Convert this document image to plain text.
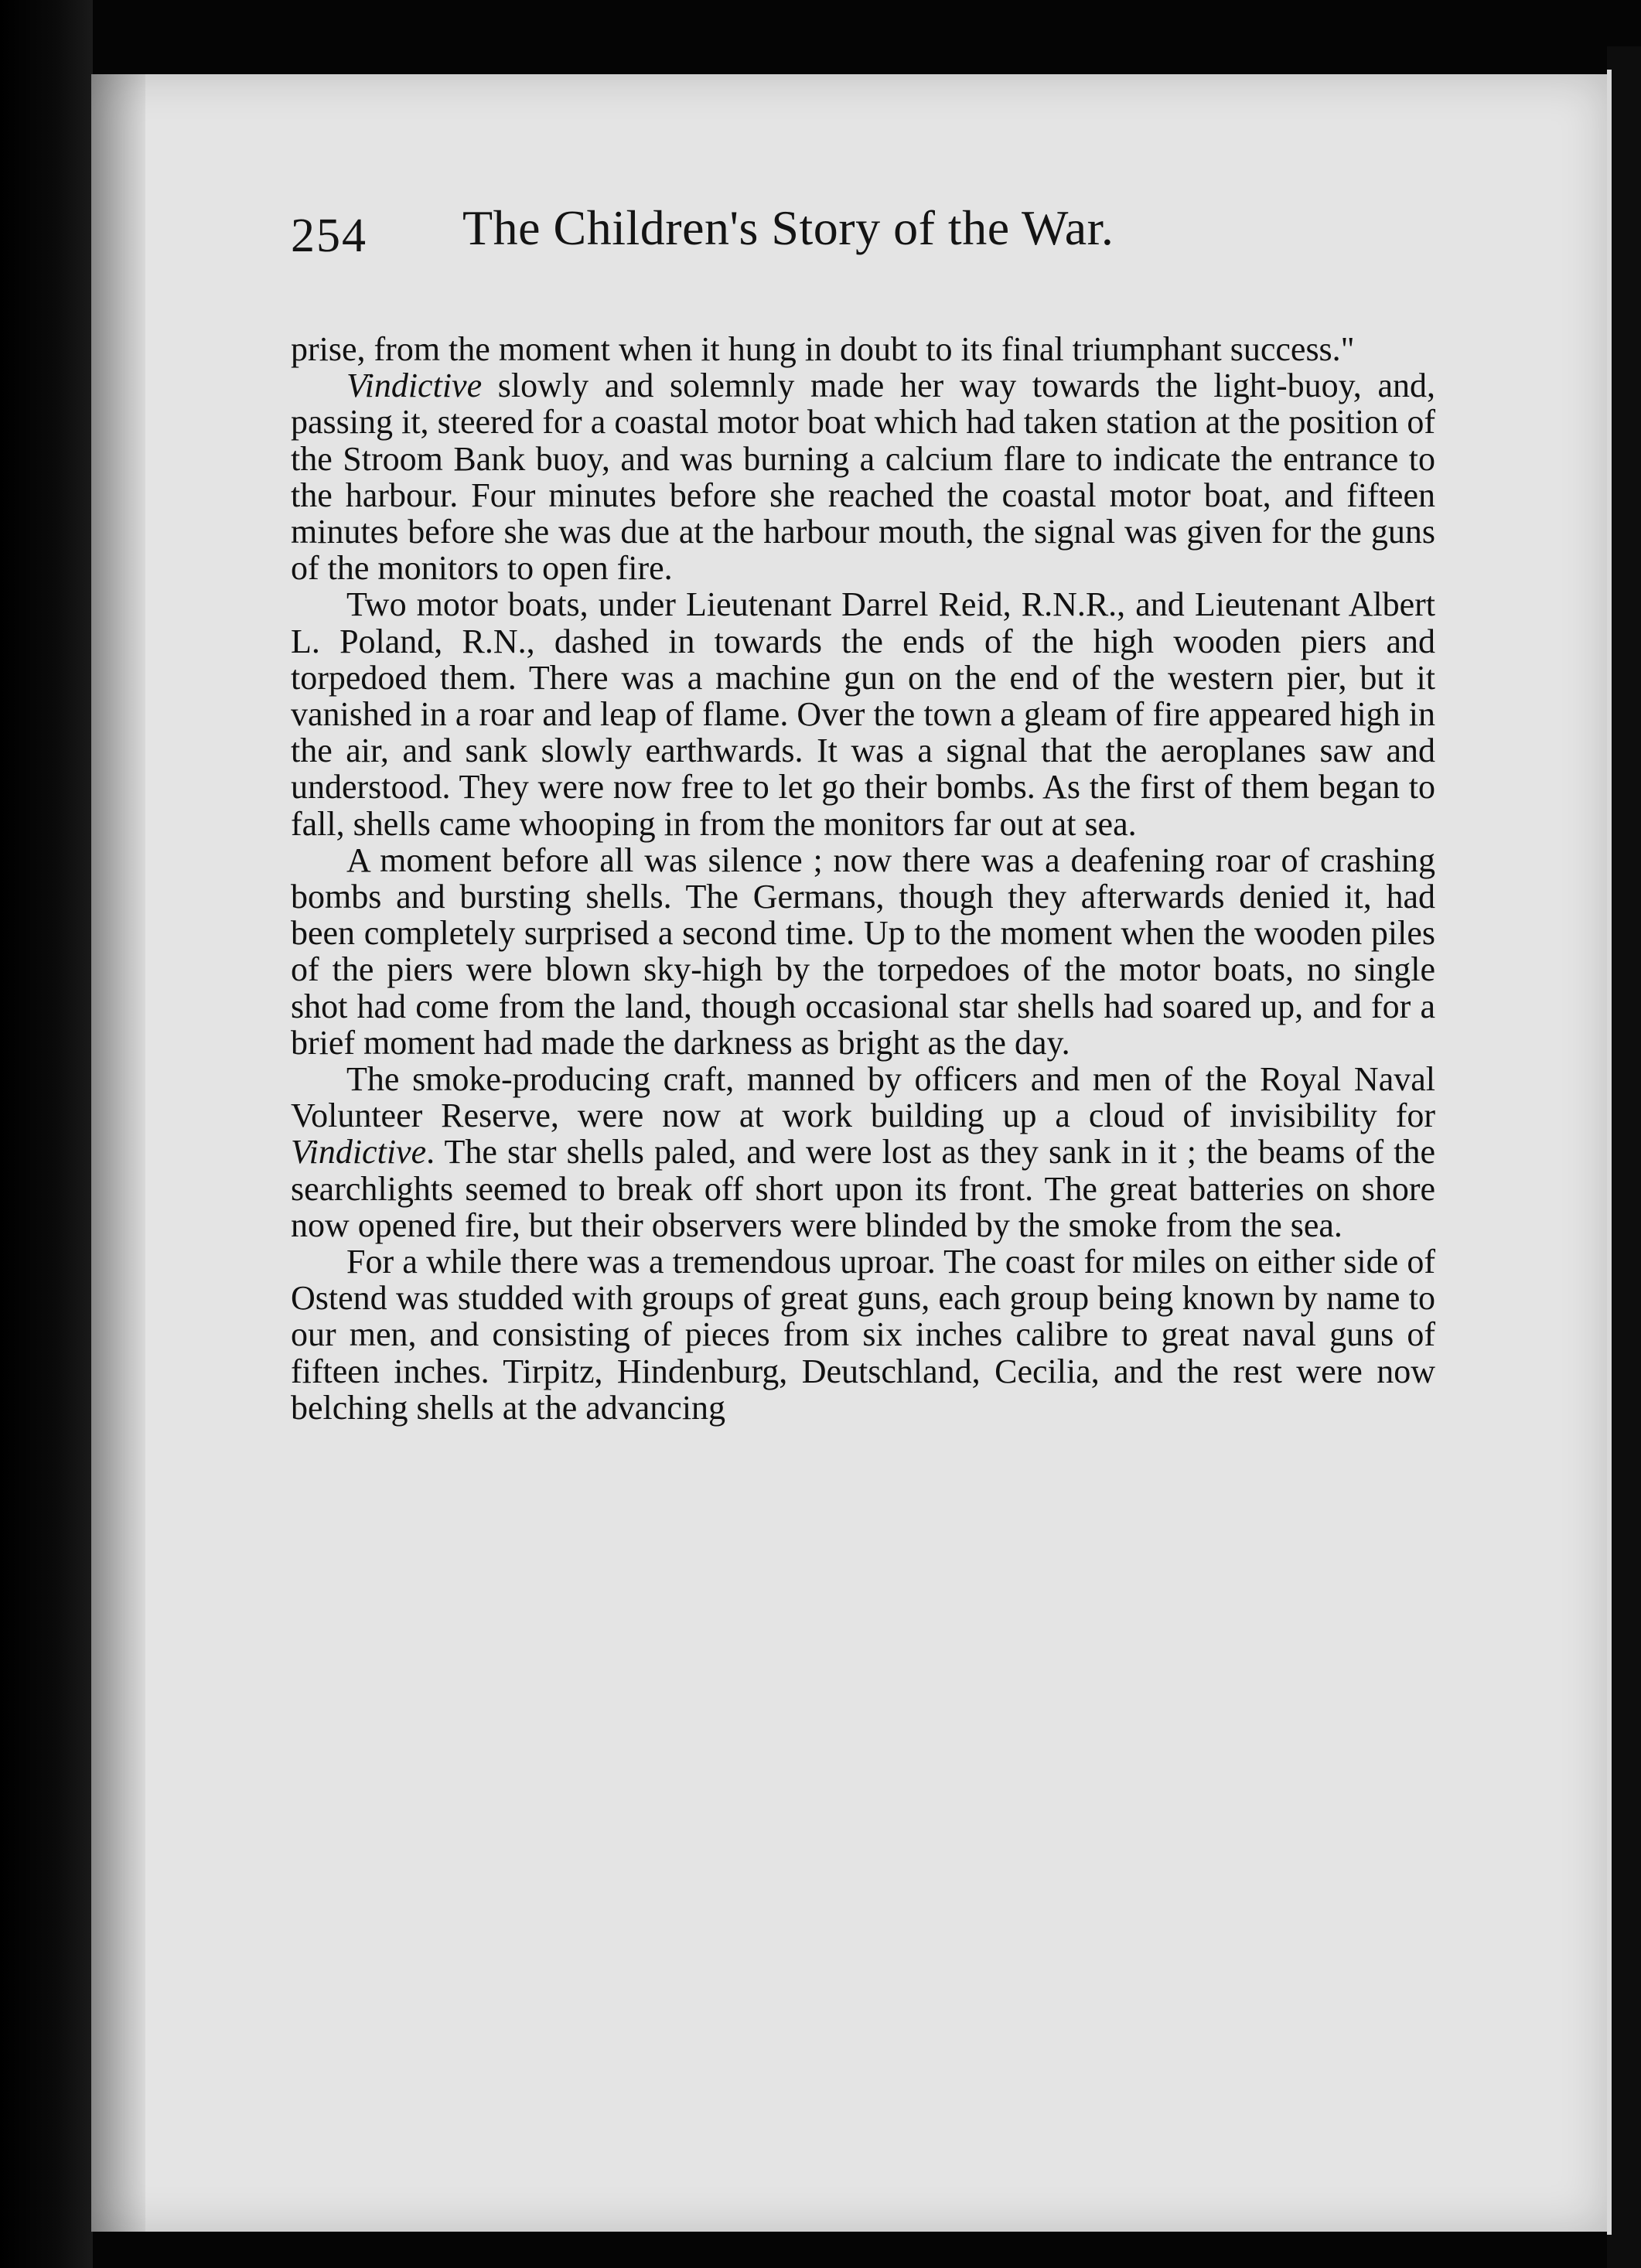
254 The Children's Story of the War.

prise, from the moment when it hung in doubt to its final triumphant success."

Vindictive slowly and solemnly made her way towards the light-buoy, and, passing it, steered for a coastal motor boat which had taken station at the position of the Stroom Bank buoy, and was burning a calcium flare to indicate the entrance to the harbour. Four minutes before she reached the coastal motor boat, and fifteen minutes before she was due at the harbour mouth, the signal was given for the guns of the monitors to open fire.

Two motor boats, under Lieutenant Darrel Reid, R.N.R., and Lieutenant Albert L. Poland, R.N., dashed in towards the ends of the high wooden piers and torpedoed them. There was a machine gun on the end of the western pier, but it vanished in a roar and leap of flame. Over the town a gleam of fire appeared high in the air, and sank slowly earthwards. It was a signal that the aeroplanes saw and understood. They were now free to let go their bombs. As the first of them began to fall, shells came whooping in from the monitors far out at sea.

A moment before all was silence ; now there was a deafening roar of crashing bombs and bursting shells. The Germans, though they afterwards denied it, had been completely surprised a second time. Up to the moment when the wooden piles of the piers were blown sky-high by the torpedoes of the motor boats, no single shot had come from the land, though occasional star shells had soared up, and for a brief moment had made the darkness as bright as the day.

The smoke-producing craft, manned by officers and men of the Royal Naval Volunteer Reserve, were now at work building up a cloud of invisibility for Vindictive. The star shells paled, and were lost as they sank in it ; the beams of the searchlights seemed to break off short upon its front. The great batteries on shore now opened fire, but their observers were blinded by the smoke from the sea.

For a while there was a tremendous uproar. The coast for miles on either side of Ostend was studded with groups of great guns, each group being known by name to our men, and consisting of pieces from six inches calibre to great naval guns of fifteen inches. Tirpitz, Hindenburg, Deutschland, Cecilia, and the rest were now belching shells at the advancing
